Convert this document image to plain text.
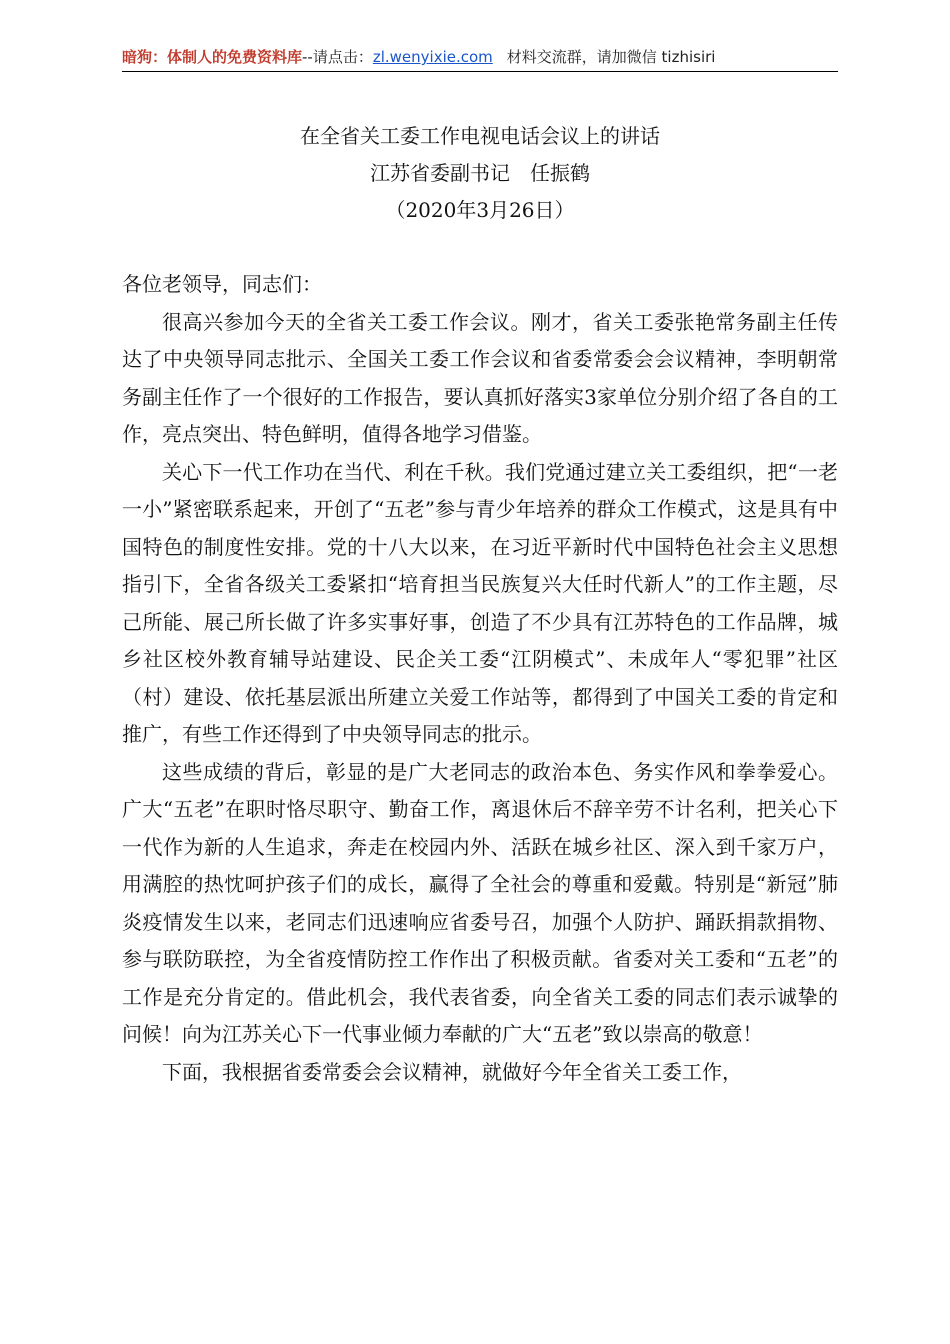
暗狗：体制人的免费资料库--请点击：zl.wenyixie.com 材料交流群，请加微信 tizhisiri
在全省关工委工作电视电话会议上的讲话
江苏省委副书记　任振鹤
（2020年3月26日）

各位老领导，同志们：

很高兴参加今天的全省关工委工作会议。刚才，省关工委张艳常务副主任传达了中央领导同志批示、全国关工委工作会议和省委常委会会议精神，李明朝常务副主任作了一个很好的工作报告，要认真抓好落实3家单位分别介绍了各自的工作，亮点突出、特色鲜明，值得各地学习借鉴。

关心下一代工作功在当代、利在千秋。我们党通过建立关工委组织，把“一老一小”紧密联系起来，开创了“五老”参与青少年培养的群众工作模式，这是具有中国特色的制度性安排。党的十八大以来，在习近平新时代中国特色社会主义思想指引下，全省各级关工委紧扣“培育担当民族复兴大任时代新人”的工作主题，尽己所能、展己所长做了许多实事好事，创造了不少具有江苏特色的工作品牌，城乡社区校外教育辅导站建设、民企关工委“江阴模式”、未成年人“零犯罪”社区（村）建设、依托基层派出所建立关爱工作站等，都得到了中国关工委的肯定和推广，有些工作还得到了中央领导同志的批示。

这些成绩的背后，彰显的是广大老同志的政治本色、务实作风和拳拳爱心。广大“五老”在职时恪尽职守、勤奋工作，离退休后不辞辛劳不计名利，把关心下一代作为新的人生追求，奔走在校园内外、活跃在城乡社区、深入到千家万户，用满腔的热忱呵护孩子们的成长，赢得了全社会的尊重和爱戴。特别是“新冠”肺炎疫情发生以来，老同志们迅速响应省委号召，加强个人防护、踊跃捐款捐物、参与联防联控，为全省疫情防控工作作出了积极贡献。省委对关工委和“五老”的工作是充分肯定的。借此机会，我代表省委，向全省关工委的同志们表示诚挚的问候！向为江苏关心下一代事业倾力奉献的广大“五老”致以崇高的敬意！

下面，我根据省委常委会会议精神，就做好今年全省关工委工作，
